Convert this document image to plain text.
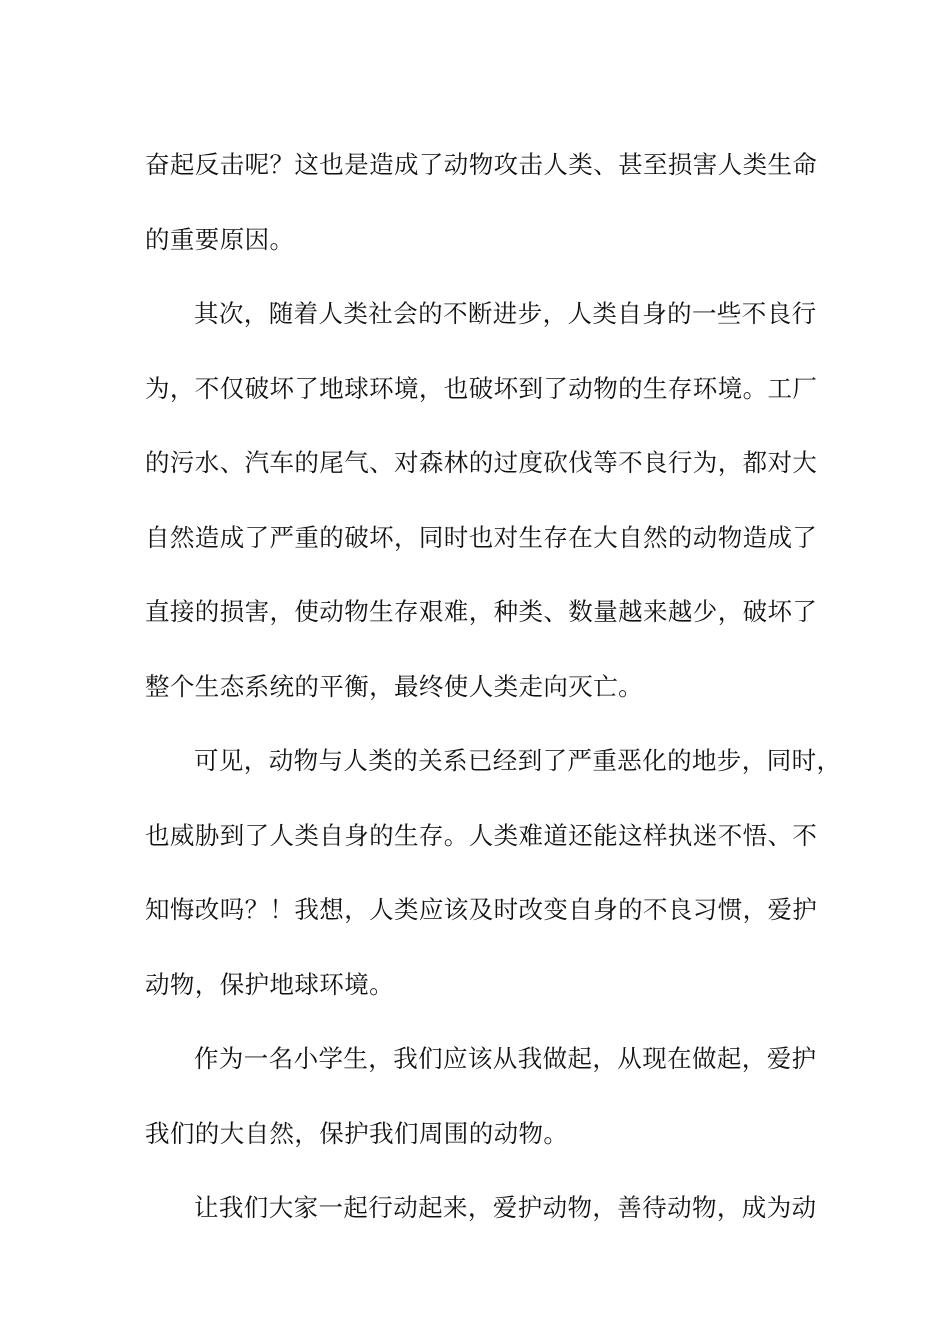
奋起反击呢？这也是造成了动物攻击人类、甚至损害人类生命
的重要原因。
其次，随着人类社会的不断进步，人类自身的一些不良行
为，不仅破坏了地球环境，也破坏到了动物的生存环境。工厂
的污水、汽车的尾气、对森林的过度砍伐等不良行为，都对大
自然造成了严重的破坏，同时也对生存在大自然的动物造成了
直接的损害，使动物生存艰难，种类、数量越来越少，破坏了
整个生态系统的平衡，最终使人类走向灭亡。
可见，动物与人类的关系已经到了严重恶化的地步，同时，
也威胁到了人类自身的生存。人类难道还能这样执迷不悟、不
知悔改吗？！我想，人类应该及时改变自身的不良习惯，爱护
动物，保护地球环境。
作为一名小学生，我们应该从我做起，从现在做起，爱护
我们的大自然，保护我们周围的动物。
让我们大家一起行动起来，爱护动物，善待动物，成为动
